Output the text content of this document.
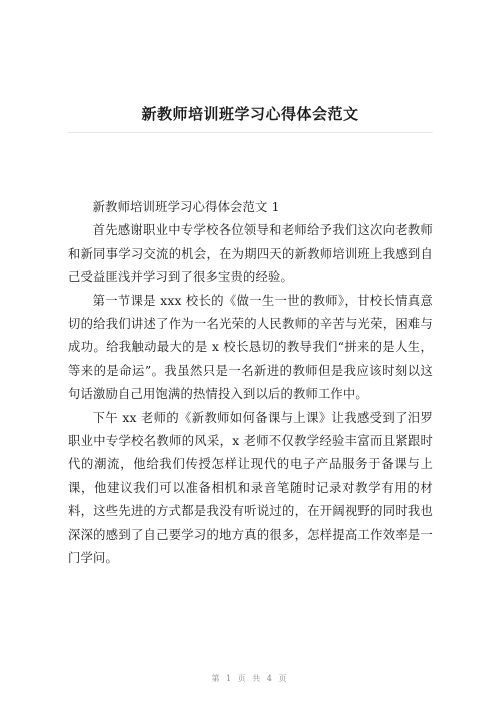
新教师培训班学习心得体会范文

新教师培训班学习心得体会范文 1

首先感谢职业中专学校各位领导和老师给予我们这次向老教师和新同事学习交流的机会，在为期四天的新教师培训班上我感到自己受益匪浅并学习到了很多宝贵的经验。

第一节课是 xxx 校长的《做一生一世的教师》，甘校长情真意切的给我们讲述了作为一名光荣的人民教师的辛苦与光荣，困难与成功。给我触动最大的是 x 校长恳切的教导我们“拼来的是人生，等来的是命运”。我虽然只是一名新进的教师但是我应该时刻以这句话激励自己用饱满的热情投入到以后的教师工作中。

下午 xx 老师的《新教师如何备课与上课》让我感受到了汨罗职业中专学校名教师的风采，x 老师不仅教学经验丰富而且紧跟时代的潮流，他给我们传授怎样让现代的电子产品服务于备课与上课，他建议我们可以准备相机和录音笔随时记录对教学有用的材料，这些先进的方式都是我没有听说过的，在开阔视野的同时我也深深的感到了自己要学习的地方真的很多，怎样提高工作效率是一门学问。

第 1 页 共 4 页
